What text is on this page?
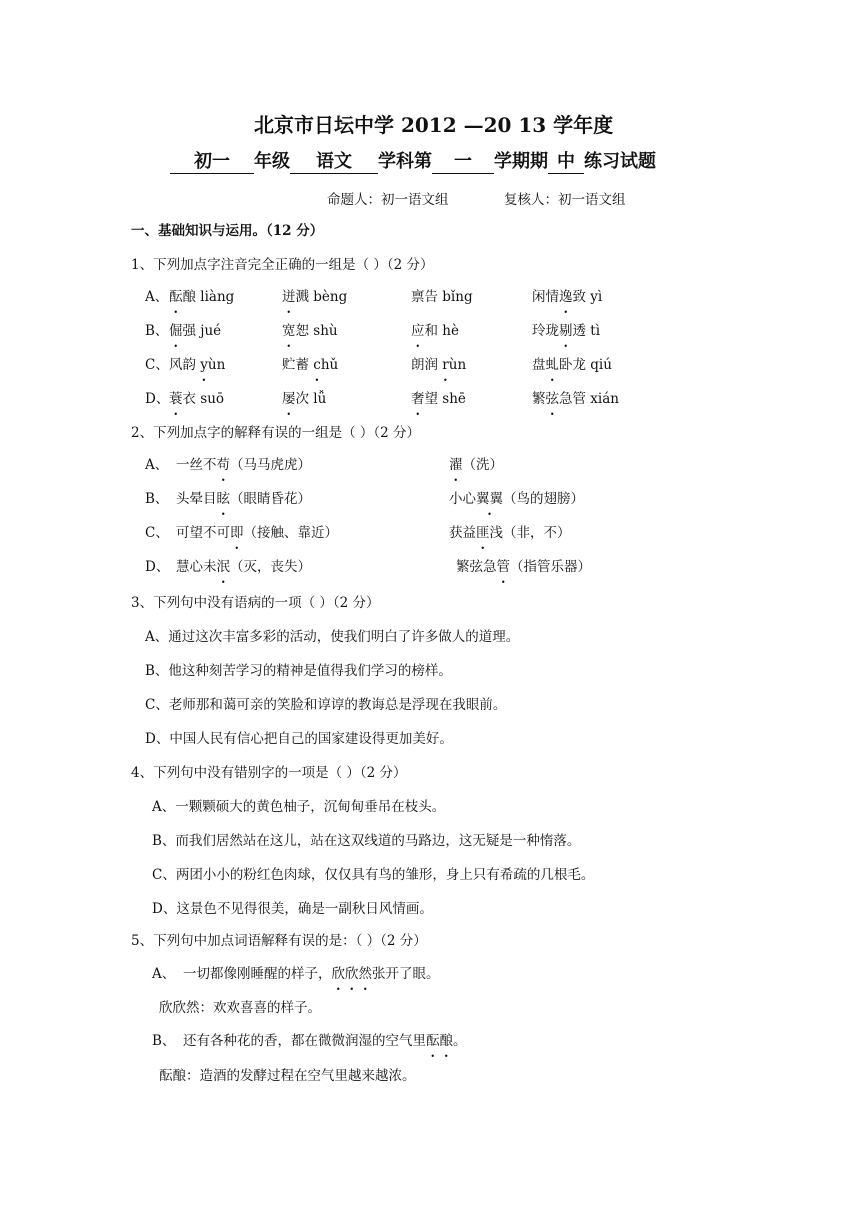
北京市日坛中学 2012 —20 13 学年度
初一 年级 语文 学科第 一 学期期 中 练习试题
命题人：初一语文组	复核人：初一语文组
一、基础知识与运用。（12 分）
1、下列加点字注音完全正确的一组是（ ）（2 分）
A、 酝酿 liàng	迸溅 bèng	禀告 bǐng	闲情逸致 yì
B、 倔强 jué	宽恕 shù	应和 hè	玲珑剔透 tì
C、 风韵 yùn •	贮蓄 chǔ •	朗润 rùn •	盘虬卧龙 qiú
D、 蓑衣 suō	屡次 lǚ	奢望 shē	繁弦急管 xián
2、下列加点字的解释有误的一组是（ ）（2 分）
A、 一丝不苟（马马虎虎）	濯（洗）
B、 头晕目眩（眼睛昏花）	小心翼翼（鸟的翅膀）
C、 可望不可即（接触、靠近）	获益匪浅（非，不）
D、 慧心未泯（灭，丧失）	繁弦急管（指管乐器）
3、下列句中没有语病的一项（ ）（2 分）
A、通过这次丰富多彩的活动，使我们明白了许多做人的道理。
B、他这种刻苦学习的精神是值得我们学习的榜样。
C、老师那和蔼可亲的笑脸和谆谆的教诲总是浮现在我眼前。
D、中国人民有信心把自己的国家建设得更加美好。
4、下列句中没有错别字的一项是（ ）（2 分）
A、一颗颗硕大的黄色柚子，沉甸甸垂吊在枝头。
B、而我们居然站在这儿，站在这双线道的马路边，这无疑是一种惰落。
C、两团小小的粉红色肉球，仅仅具有鸟的雏形，身上只有希疏的几根毛。
D、这景色不见得很美，确是一副秋日风情画。
5、下列句中加点词语解释有误的是：（ ）（2 分）
A、 一切都像刚睡醒的样子，欣欣然张开了眼。
欣欣然：欢欢喜喜的样子。
B、 还有各种花的香，都在微微润湿的空气里酝酿。
酝酿：造酒的发酵过程在空气里越来越浓。
